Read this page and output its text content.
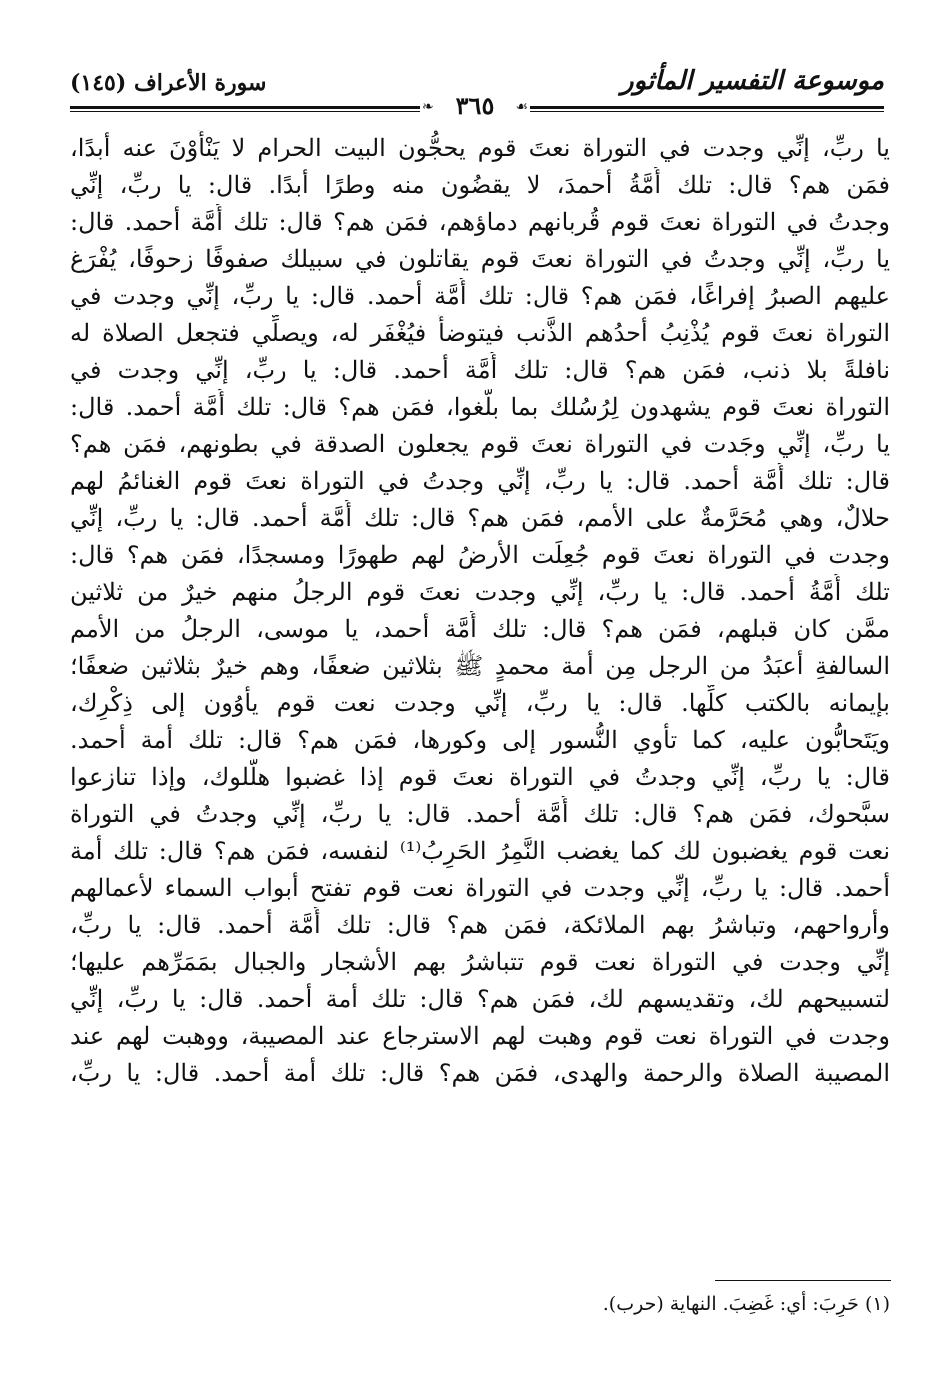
موسوعة التفسير المأثور
سورة الأعراف (١٤٥)
❧ ٣٦٥ ☙
يا ربِّ، إنِّي وجدت في التوراة نعتَ قوم يحجُّون البيت الحرام لا يَنْأَوْنَ عنه أبدًا،
فمَن هم؟ قال: تلك أُمَّةُ أحمدَ، لا يقضُون منه وطرًا أبدًا. قال: يا ربِّ، إنِّي
وجدتُ في التوراة نعتَ قوم قُربانهم دماؤهم، فمَن هم؟ قال: تلك أُمَّة أحمد. قال:
يا ربِّ، إنِّي وجدتُ في التوراة نعتَ قوم يقاتلون في سبيلك صفوفًا زحوفًا، يُفْرَغ
عليهم الصبرُ إفراغًا، فمَن هم؟ قال: تلك أُمَّة أحمد. قال: يا ربِّ، إنِّي وجدت في
التوراة نعتَ قوم يُذْنِبُ أحدُهم الذَّنب فيتوضأُ فيُغْفَر له، ويصلِّي فتجعل الصلاة له
نافلةً بلا ذنب، فمَن هم؟ قال: تلك أُمَّة أحمد. قال: يا ربِّ، إنِّي وجدت في
التوراة نعتَ قوم يشهدون لِرُسُلك بما بلَّغوا، فمَن هم؟ قال: تلك أُمَّة أحمد. قال:
يا ربِّ، إنِّي وجَدت في التوراة نعتَ قوم يجعلون الصدقة في بطونهم، فمَن هم؟
قال: تلك أُمَّة أحمد. قال: يا ربِّ، إنِّي وجدتُ في التوراة نعتَ قوم الغنائمُ لهم
حلالٌ، وهي مُحَرَّمةٌ على الأمم، فمَن هم؟ قال: تلك أُمَّة أحمد. قال: يا ربِّ، إنِّي
وجدت في التوراة نعتَ قوم جُعِلَت الأرضُ لهم طهورًا ومسجدًا، فمَن هم؟ قال:
تلك أُمَّةُ أحمد. قال: يا ربِّ، إنِّي وجدت نعتَ قوم الرجلُ منهم خيرٌ من ثلاثين
ممَّن كان قبلهم، فمَن هم؟ قال: تلك أُمَّة أحمد، يا موسى، الرجلُ من الأمم
السالفةِ أعبَدُ من الرجل مِن أمة محمدٍ ﷺ بثلاثين ضعفًا، وهم خيرٌ بثلاثين ضعفًا؛
بإيمانه بالكتب كلِّها. قال: يا ربِّ، إنِّي وجدت نعت قوم يأوُون إلى ذِكْرِك،
ويَتَحابُّون عليه، كما تأوي النُّسور إلى وكورها، فمَن هم؟ قال: تلك أمة أحمد.
قال: يا ربِّ، إنِّي وجدتُ في التوراة نعتَ قوم إذا غضبوا هلَّلوك، وإذا تنازعوا
سبَّحوك، فمَن هم؟ قال: تلك أُمَّة أحمد. قال: يا ربِّ، إنِّي وجدتُ في التوراة
نعت قوم يغضبون لك كما يغضب النَّمِرُ الحَرِبُ⁽¹⁾ لنفسه، فمَن هم؟ قال: تلك أمة
أحمد. قال: يا ربِّ، إنِّي وجدت في التوراة نعت قوم تفتح أبواب السماء لأعمالهم
وأرواحهم، وتباشرُ بهم الملائكة، فمَن هم؟ قال: تلك أُمَّة أحمد. قال: يا ربِّ،
إنِّي وجدت في التوراة نعت قوم تتباشرُ بهم الأشجار والجبال بمَمَرِّهم عليها؛
لتسبيحهم لك، وتقديسهم لك، فمَن هم؟ قال: تلك أمة أحمد. قال: يا ربِّ، إنِّي
وجدت في التوراة نعت قوم وهبت لهم الاسترجاع عند المصيبة، ووهبت لهم عند
المصيبة الصلاة والرحمة والهدى، فمَن هم؟ قال: تلك أمة أحمد. قال: يا ربِّ،
(١) حَرِبَ: أي: غَضِبَ. النهاية (حرب).
